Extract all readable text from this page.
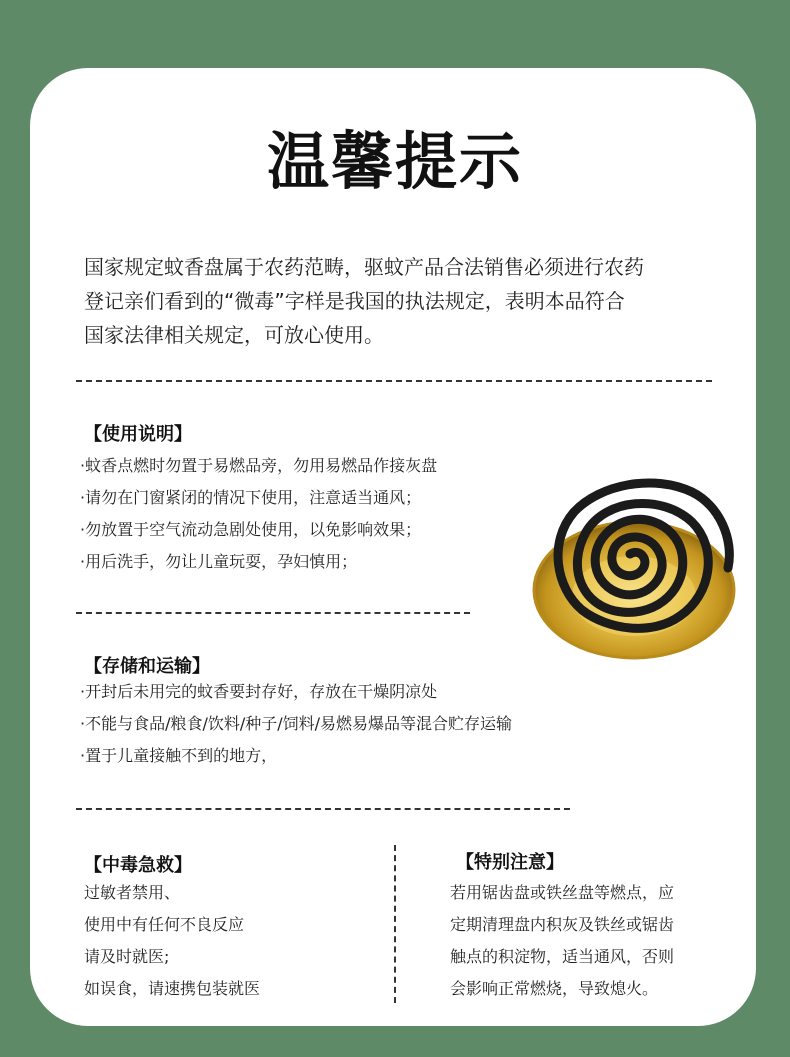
温馨提示

国家规定蚊香盘属于农药范畴，驱蚊产品合法销售必须进行农药

登记亲们看到的“微毒”字样是我国的执法规定，表明本品符合

国家法律相关规定，可放心使用。

【使用说明】
·蚊香点燃时勿置于易燃品旁，勿用易燃品作接灰盘
·请勿在门窗紧闭的情况下使用，注意适当通风；
·勿放置于空气流动急剧处使用，以免影响效果；
·用后洗手，勿让儿童玩耍，孕妇慎用；
【存储和运输】
·开封后未用完的蚊香要封存好，存放在干燥阴凉处
·不能与食品/粮食/饮料/种子/饲料/易燃易爆品等混合贮存运输
·置于儿童接触不到的地方，
【中毒急救】
过敏者禁用、
使用中有任何不良反应
请及时就医;
如误食，请速携包装就医
【特别注意】
若用锯齿盘或铁丝盘等燃点，应
定期清理盘内积灰及铁丝或锯齿
触点的积淀物，适当通风，否则
会影响正常燃烧，导致熄火。
